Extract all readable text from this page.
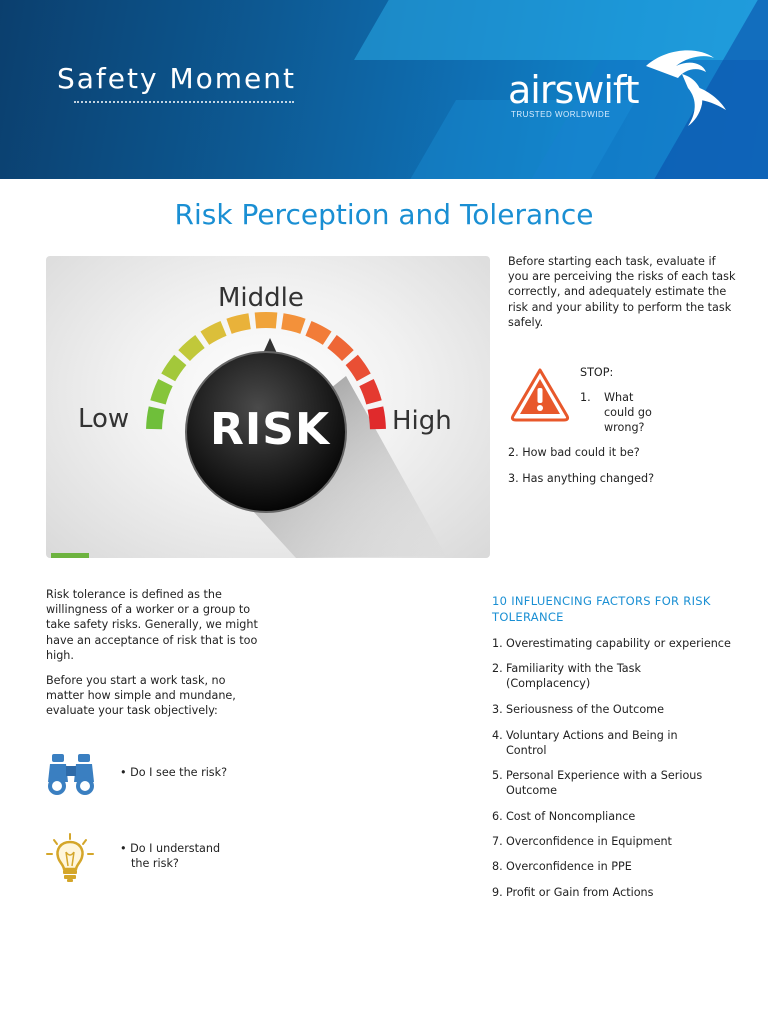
Safety Moment	airswift
TRUSTED WORLDWIDE
Risk Perception and Tolerance
Middle
Low	High
RISK
Before starting each task, evaluate if you are perceiving the risks of each task correctly, and adequately estimate the risk and your ability to perform the task safely.
STOP:
1.	What could go wrong?
2. How bad could it be?
3. Has anything changed?
Risk tolerance is defined as the willingness of a worker or a group to take safety risks. Generally, we might have an acceptance of risk that is too high.
Before you start a work task, no matter how simple and mundane, evaluate your task objectively:
• Do I see the risk?
• Do I understand
the risk?
10 INFLUENCING FACTORS FOR RISK TOLERANCE
1. Overestimating capability or experience
2. Familiarity with the Task
(Complacency)
3. Seriousness of the Outcome
4. Voluntary Actions and Being in
Control
5. Personal Experience with a Serious
Outcome
6. Cost of Noncompliance
7. Overconfidence in Equipment
8. Overconfidence in PPE
9. Profit or Gain from Actions
